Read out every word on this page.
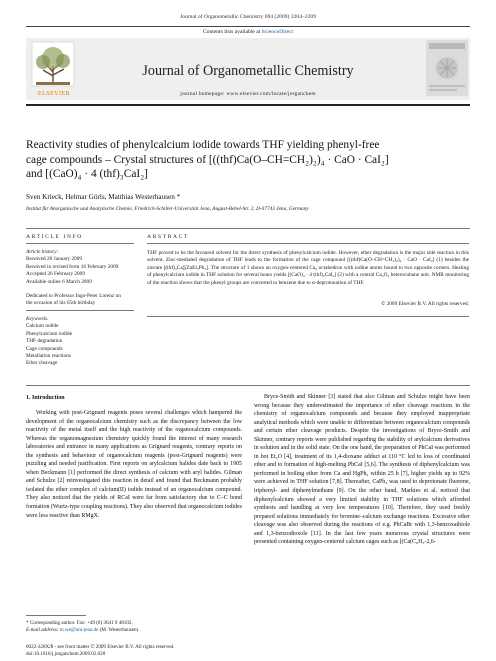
Journal of Organometallic Chemistry 694 (2009) 2204–2209
Contents lists available at ScienceDirect
ELSEVIER
Journal of Organometallic Chemistry
journal homepage: www.elsevier.com/locate/jorganchem
Reactivity studies of phenylcalcium iodide towards THF yielding phenyl-free
cage compounds – Crystal structures of [((thf)Ca(O–CH=CH₂)₂)₄ · CaO · CaI₂]
and [(CaO)₄ · 4 (thf)₃CaI₂]
Sven Krieck, Helmar Görls, Matthias Westerhausen *
Institut für Anorganische und Analytische Chemie, Friedrich-Schiller-Universität Jena, August-Bebel-Str. 2, D-07743 Jena, Germany
ARTICLE INFO
Article history:
Received 20 January 2009
Received in revised form 16 February 2009
Accepted 26 February 2009
Available online 6 March 2009
Dedicated to Professor Ingo-Peter Lorenz on
the occasion of his 65th birthday
Keywords:
Calcium iodide
Phenylcalcium iodide
THF degradation
Cage compounds
Metallation reactions
Ether cleavage
ABSTRACT
THF proved to be the favoured solvent for the direct synthesis of phenylcalcium iodide. However, ether degradation is the major side reaction in this solvent. Zinc-mediated degradation of THF leads to the formation of the cage compound [((thf)Ca(O–CH=CH₂)₂)₄ · CaO · CaI₂] (1) besides the zincate [(thf)₄Ca][ZnEt₃Ph₃]. The structure of 1 shows an oxygen-centered Ca₆ octahedron with iodine atoms bound to two opposite corners. Heating of phenylcalcium iodide in THF solution for several hours yields [(CaO)₄ · 4 (thf)₃CaI₂] (2) with a central Ca₄O₄ heterocubane unit. NMR monitoring of the reaction shows that the phenyl groups are converted to benzene due to α-deprotonation of THF.
© 2009 Elsevier B.V. All rights reserved.
1. Introduction
Working with post-Grignard reagents poses several challenges which hampered the development of the organocalcium chemistry such as the discrepancy between the low reactivity of the metal itself and the high reactivity of the organocalcium compounds. Whereas the organomagnesium chemistry quickly found the interest of many research laboratories and entrance in many applications as Grignard reagents, contrary reports on the synthesis and behaviour of organocalcium reagents (post-Grignard reagents) were puzzling and needed justification. First reports on arylcalcium halides date back to 1905 when Beckmann [1] performed the direct synthesis of calcium with aryl halides. Gilman and Schulze [2] reinvestigated this reaction in detail and found that Beckmann probably isolated the ether complex of calcium(II) iodide instead of an organocalcium compound. They also noticed that the yields of RCaI were far from satisfactory due to C–C bond formation (Wurtz-type coupling reactions). They also observed that organocalcium iodides were less reactive than RMgX.
Bryce-Smith and Skinner [3] stated that also Gilman and Schulze might have been wrong because they underestimated the importance of ether cleavage reactions in the chemistry of organocalcium compounds and because they employed inappropriate analytical methods which were unable to differentiate between organocalcium compounds and certain ether cleavage products. Despite the investigations of Bryce-Smith and Skinner, contrary reports were published regarding the stability of arylcalcium derivatives in solution and in the solid state. On the one hand, the preparation of PhCaI was performed in hot Et₂O [4], treatment of its 1,4-dioxane adduct at 110 °C led to loss of coordinated ether and to formation of high-melting PhCaI [5,6]. The synthesis of diphenylcalcium was performed in boiling ether from Ca and HgPh₂ within 25 h [7], higher yields up to 92% were achieved in THF solution [7,8]. Thereafter, CaPh₂ was used to deprotonate fluorene, triphenyl- and diphenylmethane [9]. On the other hand, Markies et al. noticed that diphenylcalcium showed a very limited stability in THF solutions which afforded synthesis and handling at very low temperatures [10]. Therefore, they used freshly prepared solutions immediately for bromine–calcium exchange reactions. Excessive ether cleavage was also observed during the reactions of e.g. PhCaBr with 1,3-benzoxathiole and 1,3-benzodioxole [11]. In the last few years numerous crystal structures were presented containing oxygen-centered calcium cages such as [(Ca(C₆H₃-2,6-
* Corresponding author. Fax: +49 (0) 3641 9 48102.
E-mail address: m.we@uni-jena.de (M. Westerhausen).
0022-328X/$ - see front matter © 2009 Elsevier B.V. All rights reserved.
doi:10.1016/j.jorganchem.2009.02.028
